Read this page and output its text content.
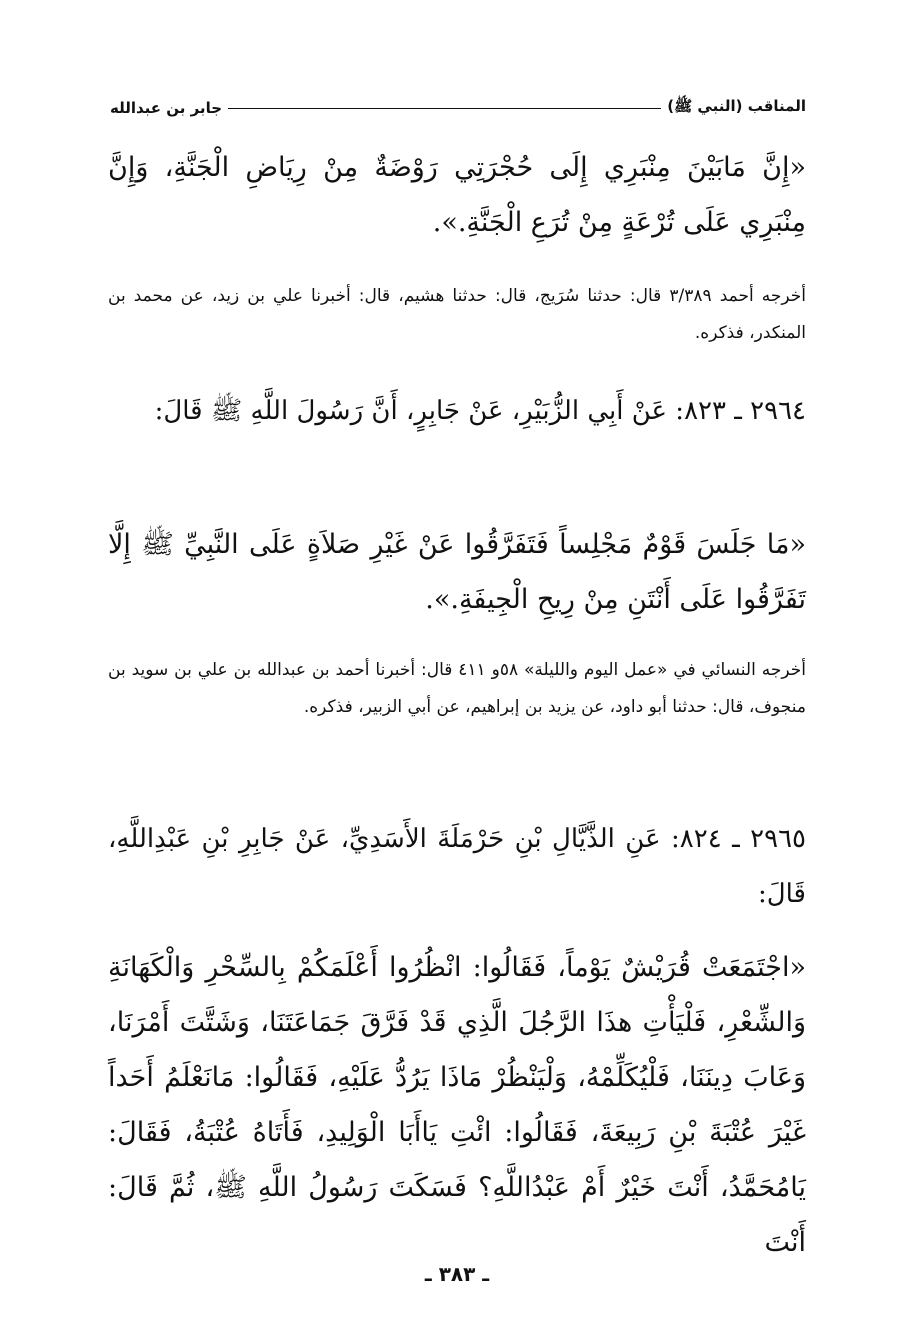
المناقب (النبي ﷺ)
جابر بن عبدالله

«إِنَّ مَابَيْنَ مِنْبَرِي إِلَى حُجْرَتِي رَوْضَةٌ مِنْ رِيَاضِ الْجَنَّةِ، وَإِنَّ مِنْبَرِي عَلَى تُرْعَةٍ مِنْ تُرَعِ الْجَنَّةِ.».

أخرجه أحمد ٣/٣٨٩ قال: حدثنا سُرَيج، قال: حدثنا هشيم، قال: أخبرنا علي بن زيد، عن محمد بن المنكدر، فذكره.

٢٩٦٤ ـ ٨٢٣: عَنْ أَبِي الزُّبَيْرِ، عَنْ جَابِرٍ، أَنَّ رَسُولَ اللَّهِ ﷺ قَالَ:

«مَا جَلَسَ قَوْمٌ مَجْلِساً فَتَفَرَّقُوا عَنْ غَيْرِ صَلاَةٍ عَلَى النَّبِيِّ ﷺ إِلَّا تَفَرَّقُوا عَلَى أَنْتَنِ مِنْ رِيحِ الْجِيفَةِ.».

أخرجه النسائي في «عمل اليوم والليلة» ٥٨و ٤١١ قال: أخبرنا أحمد بن عبدالله بن علي بن سويد بن منجوف، قال: حدثنا أبو داود، عن يزيد بن إبراهيم، عن أبي الزبير، فذكره.

٢٩٦٥ ـ ٨٢٤: عَنِ الذَّيَّالِ بْنِ حَرْمَلَةَ الأَسَدِيِّ، عَنْ جَابِرِ بْنِ عَبْدِاللَّهِ، قَالَ:

«اجْتَمَعَتْ قُرَيْشٌ يَوْماً، فَقَالُوا: انْظُرُوا أَعْلَمَكُمْ بِالسِّحْرِ وَالْكَهَانَةِ وَالشِّعْرِ، فَلْيَأْتِ هذَا الرَّجُلَ الَّذِي قَدْ فَرَّقَ جَمَاعَتَنَا، وَشَتَّتَ أَمْرَنَا، وَعَابَ دِينَنَا، فَلْيُكَلِّمْهُ، وَلْيَنْظُرْ مَاذَا يَرُدُّ عَلَيْهِ، فَقَالُوا: مَانَعْلَمُ أَحَداً غَيْرَ عُتْبَةَ بْنِ رَبِيعَةَ، فَقَالُوا: ائْتِ يَاأَبَا الْوَلِيدِ، فَأَتَاهُ عُتْبَةُ، فَقَالَ: يَامُحَمَّدُ، أَنْتَ خَيْرٌ أَمْ عَبْدُاللَّهِ؟ فَسَكَتَ رَسُولُ اللَّهِ ﷺ، ثُمَّ قَالَ: أَنْتَ

ـ ٣٨٣ ـ
